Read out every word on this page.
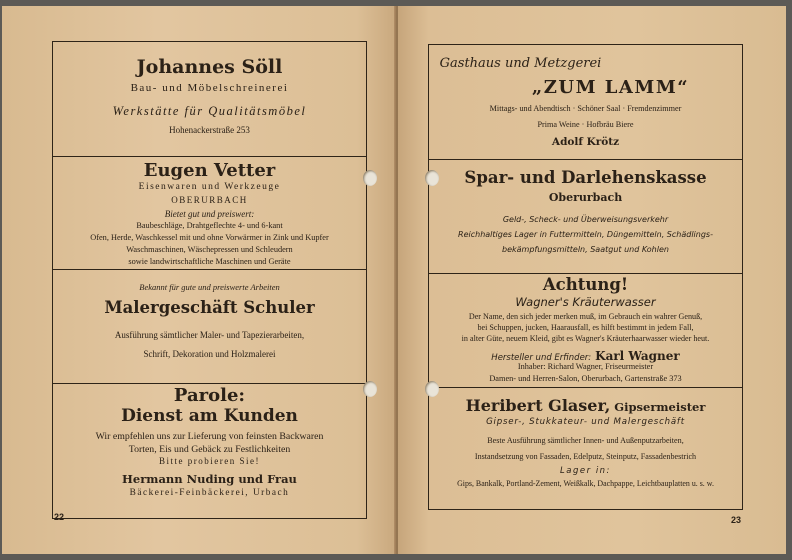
Johannes Söll
Bau- und Möbelschreinerei
Werkstätte für Qualitätsmöbel
Hohenackerstraße 253
Eugen Vetter
Eisenwaren und Werkzeuge
OBERURBACH
Bietet gut und preiswert:
Baubeschläge, Drahtgeflechte 4- und 6-kant
Ofen, Herde, Waschkessel mit und ohne Vorwärmer in Zink und Kupfer
Waschmaschinen, Wäschepressen und Schleudern
sowie landwirtschaftliche Maschinen und Geräte
Bekannt für gute und preiswerte Arbeiten
Malergeschäft Schuler
Ausführung sämtlicher Maler- und Tapezierarbeiten,
Schrift, Dekoration und Holzmalerei
Parole:
Dienst am Kunden
Wir empfehlen uns zur Lieferung von feinsten Backwaren
Torten, Eis und Gebäck zu Festlichkeiten
Bitte probieren Sie!
Hermann Nuding und Frau
Bäckerei-Feinbäckerei, Urbach
22
Gasthaus und Metzgerei
„ZUM LAMM“
Mittags- und Abendtisch · Schöner Saal · Fremdenzimmer
Prima Weine · Hofbräu Biere
Adolf Krötz
Spar- und Darlehenskasse
Oberurbach
Geld-, Scheck- und Überweisungsverkehr
Reichhaltiges Lager in Futtermitteln, Düngemitteln, Schädlings-
bekämpfungsmitteln, Saatgut und Kohlen
Achtung!
Wagner's Kräuterwasser
Der Name, den sich jeder merken muß, im Gebrauch ein wahrer Genuß,
bei Schuppen, jucken, Haarausfall, es hilft bestimmt in jedem Fall,
in alter Güte, neuem Kleid, gibt es Wagner's Kräuterhaarwasser wieder heut.
Hersteller und Erfinder: Karl Wagner
Inhaber: Richard Wagner, Friseurmeister
Damen- und Herren-Salon, Oberurbach, Gartenstraße 373
Heribert Glaser, Gipsermeister
Gipser-, Stukkateur- und Malergeschäft
Beste Ausführung sämtlicher Innen- und Außenputzarbeiten,
Instandsetzung von Fassaden, Edelputz, Steinputz, Fassadenbestrich
Lager in:
Gips, Bankalk, Portland-Zement, Weißkalk, Dachpappe, Leichtbauplatten u. s. w.
23
